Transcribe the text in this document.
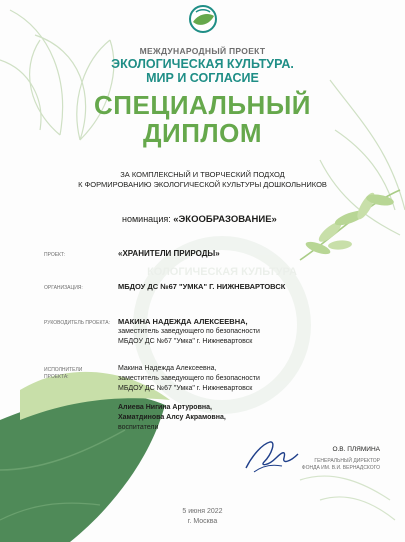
КОЛОГИЧЕСКАЯ КУЛЬТУРА

МЕЖДУНАРОДНЫЙ ПРОЕКТ

ЭКОЛОГИЧЕСКАЯ КУЛЬТУРА.

МИР И СОГЛАСИЕ

СПЕЦИАЛЬНЫЙ

ДИПЛОМ

ЗА КОМПЛЕКСНЫЙ И ТВОРЧЕСКИЙ ПОДХОД

К ФОРМИРОВАНИЮ ЭКОЛОГИЧЕСКОЙ КУЛЬТУРЫ ДОШКОЛЬНИКОВ

номинация: «ЭКООБРАЗОВАНИЕ»

ПРОЕКТ:	«ХРАНИТЕЛИ ПРИРОДЫ»

ОРГАНИЗАЦИЯ:	МБДОУ ДС №67 "УМКА" Г. НИЖНЕВАРТОВСК

РУКОВОДИТЕЛЬ ПРОЕКТА: МАКИНА НАДЕЖДА АЛЕКСЕЕВНА,

заместитель заведующего по безопасности

МБДОУ ДС №67 "Умка" г. Нижневартовск

ИСПОЛНИТЕЛИ

ПРОЕКТА:

Макина Надежда Алексеевна,

заместитель заведующего по безопасности

МБДОУ ДС №67 "Умка" г. Нижневартовск

Алиева Нигина Артуровна,

Хаматдинова Алсу Акрамовна,

воспитатели

О.В. ПЛЯМИНА

ГЕНЕРАЛЬНЫЙ ДИРЕКТОР

ФОНДА ИМ. В.И. ВЕРНАДСКОГО

5 июня 2022

г. Москва
